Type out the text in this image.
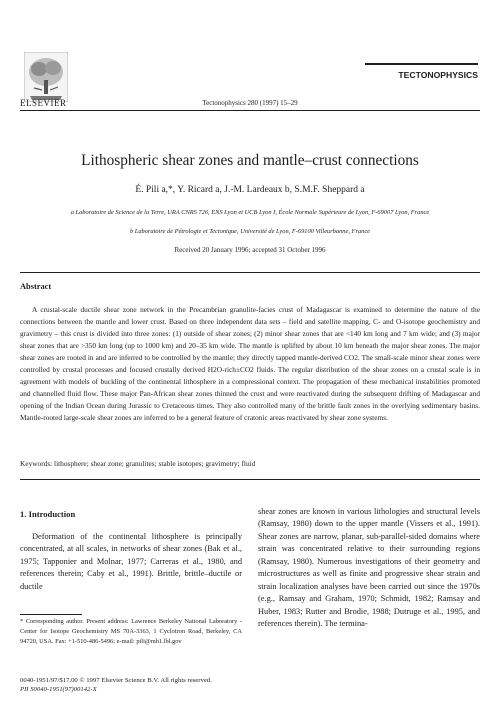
ELSEVIER
TECTONOPHYSICS
Tectonophysics 280 (1997) 15–29
Lithospheric shear zones and mantle–crust connections
É. Pili a,*, Y. Ricard a, J.-M. Lardeaux b, S.M.F. Sheppard a
a Laboratoire de Science de la Terre, URA CNRS 726, ENS Lyon et UCB Lyon I, École Normale Supérieure de Lyon, F-69007 Lyon, France
b Laboratoire de Pétrologie et Tectonique, Université de Lyon, F-69100 Villeurbanne, France
Received 20 January 1996; accepted 31 October 1996
Abstract
A crustal-scale ductile shear zone network in the Precambrian granulite-facies crust of Madagascar is examined to determine the nature of the connections between the mantle and lower crust. Based on three independent data sets – field and satellite mapping, C- and O-isotope geochemistry and gravimetry – this crust is divided into three zones: (1) outside of shear zones; (2) minor shear zones that are <140 km long and 7 km wide; and (3) major shear zones that are >350 km long (up to 1000 km) and 20–35 km wide. The mantle is uplifted by about 10 km beneath the major shear zones. The major shear zones are rooted in and are inferred to be controlled by the mantle; they directly tapped mantle-derived CO2. The small-scale minor shear zones were controlled by crustal processes and focused crustally derived H2O-rich±CO2 fluids. The regular distribution of the shear zones on a crustal scale is in agreement with models of buckling of the continental lithosphere in a compressional context. The propagation of these mechanical instabilities promoted and channelled fluid flow. These major Pan-African shear zones thinned the crust and were reactivated during the subsequent drifting of Madagascar and opening of the Indian Ocean during Jurassic to Cretaceous times. They also controlled many of the brittle fault zones in the overlying sedimentary basins. Mantle-rooted large-scale shear zones are inferred to be a general feature of cratonic areas reactivated by shear zone systems.
Keywords: lithosphere; shear zone; granulites; stable isotopes; gravimetry; fluid
1. Introduction
Deformation of the continental lithosphere is principally concentrated, at all scales, in networks of shear zones (Bak et al., 1975; Tapponier and Molnar, 1977; Carreras et al., 1980, and references therein; Caby et al., 1991). Brittle, brittle–ductile or ductile
shear zones are known in various lithologies and structural levels (Ramsay, 1980) down to the upper mantle (Vissers et al., 1991). Shear zones are narrow, planar, sub-parallel-sided domains where strain was concentrated relative to their surrounding regions (Ramsay, 1980). Numerous investigations of their geometry and microstructures as well as finite and progressive shear strain and strain localization analyses have been carried out since the 1970s (e.g., Ramsay and Graham, 1970; Schmidt, 1982; Ramsay and Huber, 1983; Rutter and Brodie, 1988; Dutruge et al., 1995, and references therein). The termina-
* Corresponding author. Present address: Lawrence Berkeley National Laboratory - Center for Isotope Geochemistry MS 70A-3363, 1 Cyclotron Road, Berkeley, CA 94720, USA. Fax: +1-510-486-5496; e-mail: pili@mh1.lbl.gov
0040-1951/97/$17.00 © 1997 Elsevier Science B.V. All rights reserved.
PII S0040-1951(97)00142-X
